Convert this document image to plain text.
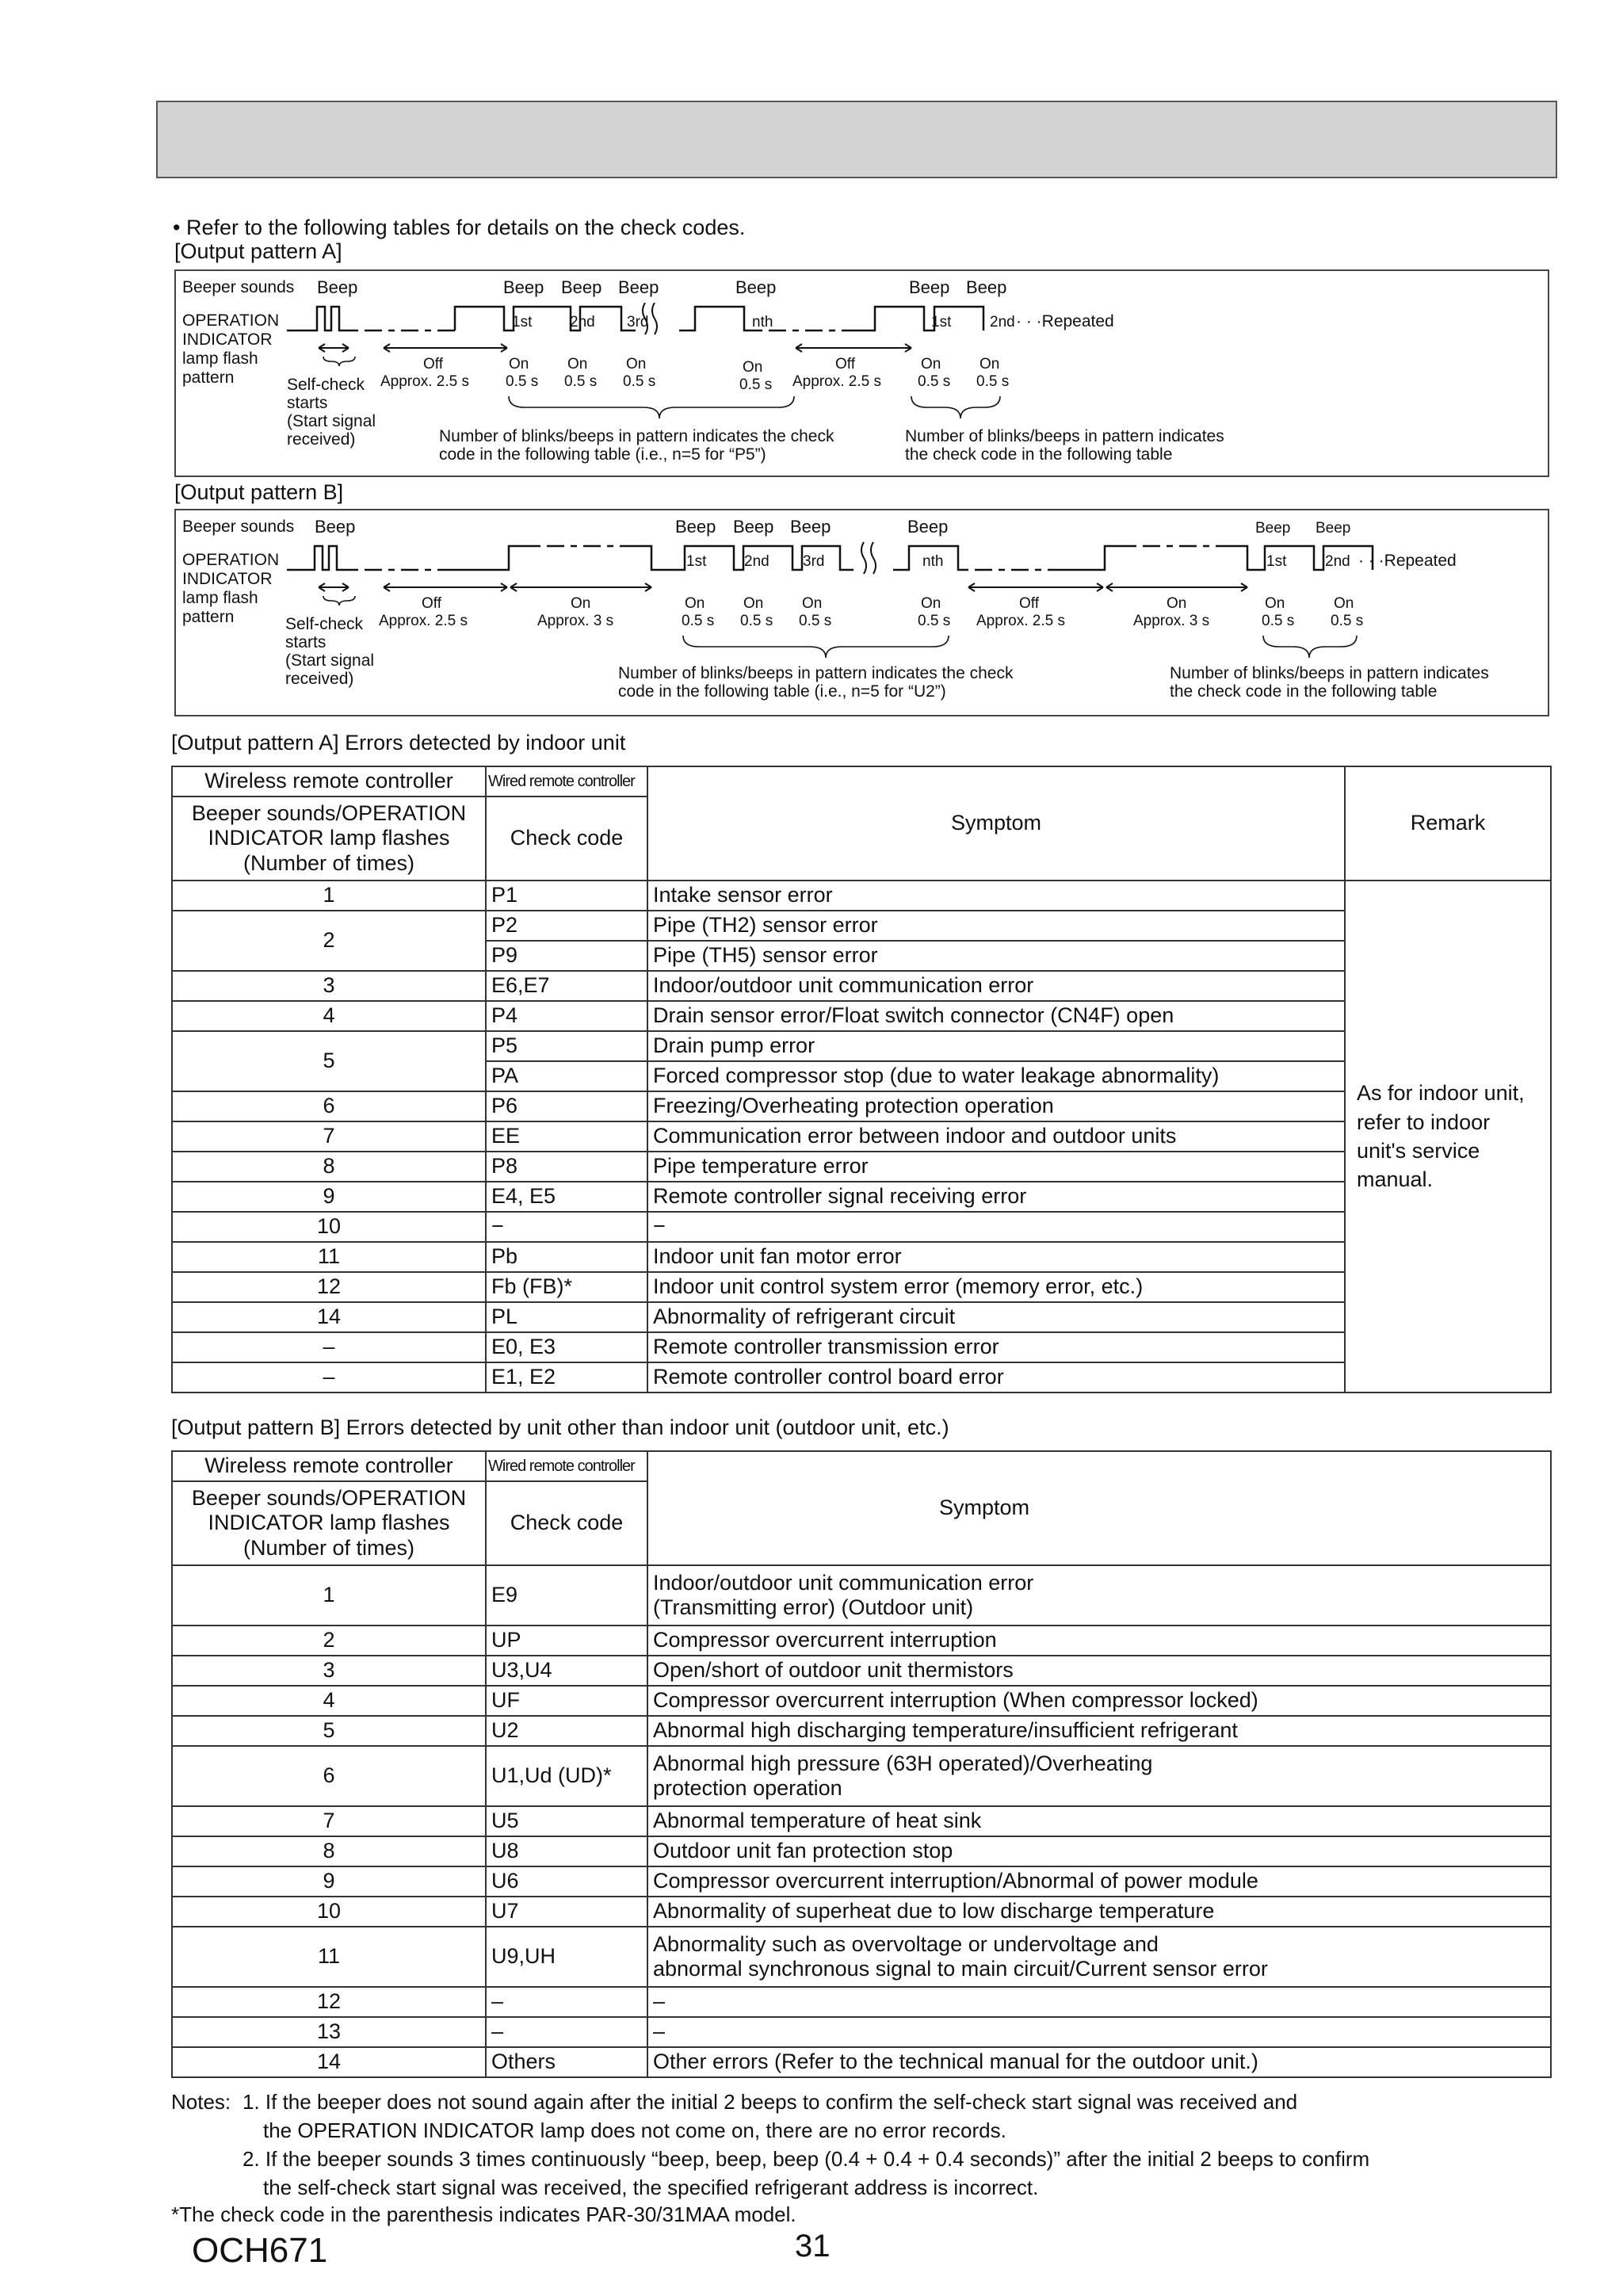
• Refer to the following tables for details on the check codes.
[Output pattern A]
Beeper sounds
OPERATION
INDICATOR
lamp flash
pattern
Beep	Beep Beep Beep	Beep	Beep Beep
1st	2nd 3rd	nth	1st	2nd · · ·Repeated
Off
Approx. 2.5 s
On
0.5 s
On
0.5 s
On
0.5 s
On
0.5 s
Off
Approx. 2.5 s
On
0.5 s
On
0.5 s
Self-check
starts
(Start signal
received)	Number of blinks/beeps in pattern indicates the check
code in the following table (i.e., n=5 for “P5”)
Number of blinks/beeps in pattern indicates
the check code in the following table
[Output pattern B]
Beeper sounds
OPERATION
INDICATOR
lamp flash
pattern
Beep	Beep Beep Beep	Beep	Beep Beep
1st	2nd 3rd	nth	1st	2nd · · ·Repeated
Off
Approx. 2.5 s
On
Approx. 3 s
On
0.5 s
On
0.5 s
On
0.5 s
On
0.5 s
Off
Approx. 2.5 s
On
Approx. 3 s
On
0.5 s
On
0.5 s
Self-check
starts
(Start signal
received)	Number of blinks/beeps in pattern indicates the check
code in the following table (i.e., n=5 for “U2”)
Number of blinks/beeps in pattern indicates
the check code in the following table
[Output pattern A] Errors detected by indoor unit
Wireless remote controller	Wired remote controller	Symptom	Remark

Beeper sounds/OPERATION
INDICATOR lamp flashes
(Number of times)	Check code		
1	P1	Intake sensor error	As for indoor unit, refer to indoor unit's service manual.
2	P2	Pipe (TH2) sensor error	
	P9	Pipe (TH5) sensor error	
3	E6,E7	Indoor/outdoor unit communication error	
4	P4	Drain sensor error/Float switch connector (CN4F) open	
5	P5	Drain pump error	
	PA	Forced compressor stop (due to water leakage abnormality)	
6	P6	Freezing/Overheating protection operation	
7	EE	Communication error between indoor and outdoor units	
8	P8	Pipe temperature error	
9	E4, E5	Remote controller signal receiving error	
10	−	−	
11	Pb	Indoor unit fan motor error	
12	Fb (FB)*	Indoor unit control system error (memory error, etc.)	
14	PL	Abnormality of refrigerant circuit	
–	E0, E3	Remote controller transmission error	
–	E1, E2	Remote controller control board error	
[Output pattern B] Errors detected by unit other than indoor unit (outdoor unit, etc.)
Wireless remote controller	Wired remote controller	Symptom

Beeper sounds/OPERATION
INDICATOR lamp flashes
(Number of times)	Check code	
1	E9	Indoor/outdoor unit communication error
(Transmitting error) (Outdoor unit)

2	UP	Compressor overcurrent interruption
3	U3,U4	Open/short of outdoor unit thermistors
4	UF	Compressor overcurrent interruption (When compressor locked)
5	U2	Abnormal high discharging temperature/insufficient refrigerant
6	U1,Ud (UD)*	Abnormal high pressure (63H operated)/Overheating
protection operation

7	U5	Abnormal temperature of heat sink
8	U8	Outdoor unit fan protection stop
9	U6	Compressor overcurrent interruption/Abnormal of power module
10	U7	Abnormality of superheat due to low discharge temperature
11	U9,UH	Abnormality such as overvoltage or undervoltage and
abnormal synchronous signal to main circuit/Current sensor error

12	–	–
13	–	–
14	Others	Other errors (Refer to the technical manual for the outdoor unit.)
Notes: 1. If the beeper does not sound again after the initial 2 beeps to confirm the self-check start signal was received and
the OPERATION INDICATOR lamp does not come on, there are no error records.
2. If the beeper sounds 3 times continuously “beep, beep, beep (0.4 + 0.4 + 0.4 seconds)” after the initial 2 beeps to confirm
the self-check start signal was received, the specified refrigerant address is incorrect.
*The check code in the parenthesis indicates PAR-30/31MAA model.
OCH671	31
